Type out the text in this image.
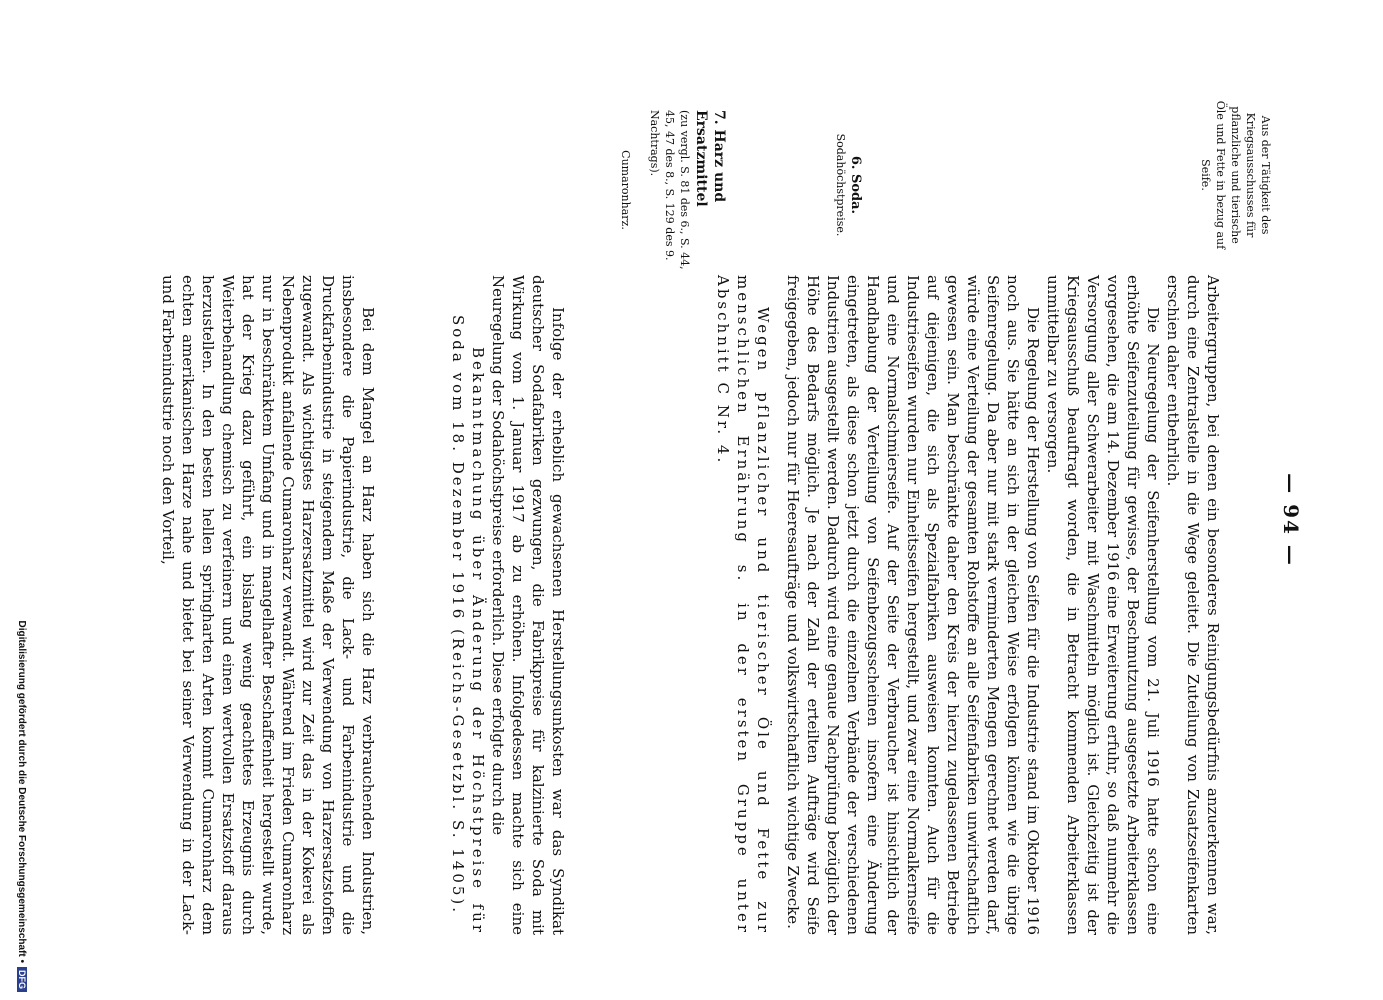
— 94 —
Aus der Tätigkeit des Kriegsausschusses für pflanzliche und tierische Öle und Fette in bezug auf Seife.
6. Soda.
Sodahöchstpreise.
7. Harz und Ersatzmittel
(zu vergl. S. 81 des 6., S. 44, 45, 47 des 8., S. 129 des 9. Nachtrags).
Cumaronharz.

Arbeitergruppen, bei denen ein besonderes Reinigungsbedürfnis anzuerkennen war, durch eine Zentralstelle in die Wege geleitet. Die Zuteilung von Zusatzseifenkarten erschien daher entbehrlich.

Die Neuregelung der Seifenherstellung vom 21. Juli 1916 hatte schon eine erhöhte Seifenzuteilung für gewisse, der Beschmutzung ausgesetzte Arbeiterklassen vorgesehen, die am 14. Dezember 1916 eine Erweiterung erfuhr, so daß nunmehr die Versorgung aller Schwerarbeiter mit Waschmitteln möglich ist. Gleichzeitig ist der Kriegsausschuß beauftragt worden, die in Betracht kommenden Arbeiterklassen unmittelbar zu versorgen.

Die Regelung der Herstellung von Seifen für die Industrie stand im Oktober 1916 noch aus. Sie hätte an sich in der gleichen Weise erfolgen können wie die übrige Seifenregelung. Da aber nur mit stark verminderten Mengen gerechnet werden darf, würde eine Verteilung der gesamten Rohstoffe an alle Seifenfabriken unwirtschaftlich gewesen sein. Man beschränkte daher den Kreis der hierzu zugelassenen Betriebe auf diejenigen, die sich als Spezialfabriken ausweisen konnten. Auch für die Industrieseifen wurden nur Einheitsseifen hergestellt, und zwar eine Normalkernseife und eine Normalschmierseife. Auf der Seite der Verbraucher ist hinsichtlich der Handhabung der Verteilung von Seifenbezugsscheinen insofern eine Änderung eingetreten, als diese schon jetzt durch die einzelnen Verbände der verschiedenen Industrien ausgestellt werden. Dadurch wird eine genaue Nachprüfung bezüglich der Höhe des Bedarfs möglich. Je nach der Zahl der erteilten Aufträge wird Seife freigegeben, jedoch nur für Heeresaufträge und volkswirtschaftlich wichtige Zwecke.

Wegen pflanzlicher und tierischer Öle und Fette zur menschlichen Ernährung s. in der ersten Gruppe unter Abschnitt C Nr. 4.

Infolge der erheblich gewachsenen Herstellungsunkosten war das Syndikat deutscher Sodafabriken gezwungen, die Fabrikpreise für kalzinierte Soda mit Wirkung vom 1. Januar 1917 ab zu erhöhen. Infolgedessen machte sich eine Neuregelung der Sodahöchstpreise erforderlich. Diese erfolgte durch die

Bekanntmachung über Änderung der Höchstpreise für Soda vom 18. Dezember 1916 (Reichs-Gesetzbl. S. 1405).

Bei dem Mangel an Harz haben sich die Harz verbrauchenden Industrien, insbesondere die Papierindustrie, die Lack- und Farbenindustrie und die Druckfarbenindustrie in steigendem Maße der Verwendung von Harzersatzstoffen zugewandt. Als wichtigstes Harzersatzmittel wird zur Zeit das in der Kokerei als Nebenprodukt anfallende Cumaronharz verwandt. Während im Frieden Cumaronharz nur in beschränktem Umfang und in mangelhafter Beschaffenheit hergestellt wurde, hat der Krieg dazu geführt, ein bislang wenig geachtetes Erzeugnis durch Weiterbehandlung chemisch zu verfeinern und einen wertvollen Ersatzstoff daraus herzustellen. In den besten hellen springharten Arten kommt Cumaronharz dem echten amerikanischen Harze nahe und bietet bei seiner Verwendung in der Lack- und Farbenindustrie noch den Vorteil,

Digitalisierung gefördert durch die Deutsche Forschungsgemeinschaft •DFG
